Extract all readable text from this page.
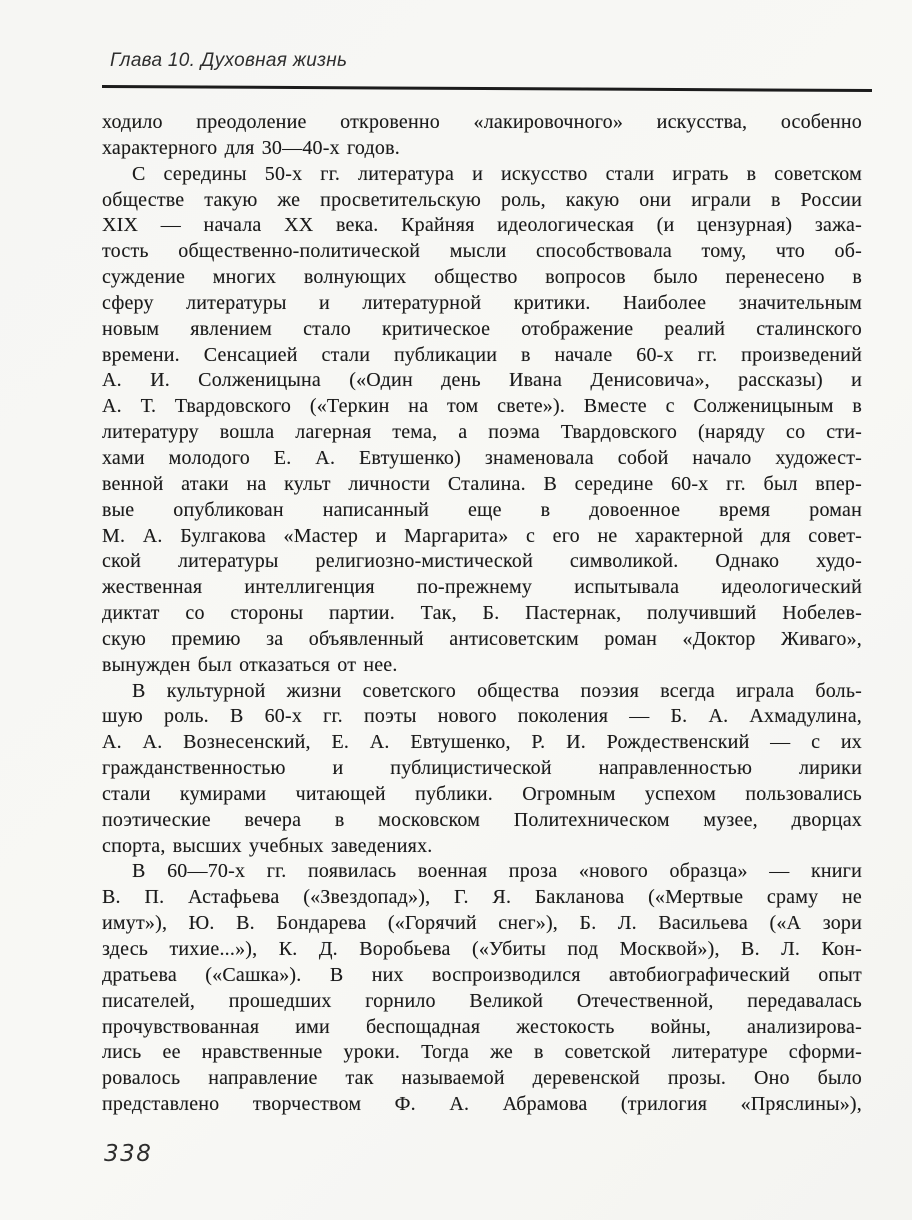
Глава 10. Духовная жизнь
ходило преодоление откровенно «лакировочного» искусства, особенно
характерного для 30—40-х годов.
С середины 50-х гг. литература и искусство стали играть в советском
обществе такую же просветительскую роль, какую они играли в России
XIX — начала XX века. Крайняя идеологическая (и цензурная) зажа-
тость общественно-политической мысли способствовала тому, что об-
суждение многих волнующих общество вопросов было перенесено в
сферу литературы и литературной критики. Наиболее значительным
новым явлением стало критическое отображение реалий сталинского
времени. Сенсацией стали публикации в начале 60-х гг. произведений
А. И. Солженицына («Один день Ивана Денисовича», рассказы) и
А. Т. Твардовского («Теркин на том свете»). Вместе с Солженицыным в
литературу вошла лагерная тема, а поэма Твардовского (наряду со сти-
хами молодого Е. А. Евтушенко) знаменовала собой начало художест-
венной атаки на культ личности Сталина. В середине 60-х гг. был впер-
вые опубликован написанный еще в довоенное время роман
М. А. Булгакова «Мастер и Маргарита» с его не характерной для совет-
ской литературы религиозно-мистической символикой. Однако худо-
жественная интеллигенция по-прежнему испытывала идеологический
диктат со стороны партии. Так, Б. Пастернак, получивший Нобелев-
скую премию за объявленный антисоветским роман «Доктор Живаго»,
вынужден был отказаться от нее.
В культурной жизни советского общества поэзия всегда играла боль-
шую роль. В 60-х гг. поэты нового поколения — Б. А. Ахмадулина,
А. А. Вознесенский, Е. А. Евтушенко, Р. И. Рождественский — с их
гражданственностью и публицистической направленностью лирики
стали кумирами читающей публики. Огромным успехом пользовались
поэтические вечера в московском Политехническом музее, дворцах
спорта, высших учебных заведениях.
В 60—70-х гг. появилась военная проза «нового образца» — книги
В. П. Астафьева («Звездопад»), Г. Я. Бакланова («Мертвые сраму не
имут»), Ю. В. Бондарева («Горячий снег»), Б. Л. Васильева («А зори
здесь тихие...»), К. Д. Воробьева («Убиты под Москвой»), В. Л. Кон-
дратьева («Сашка»). В них воспроизводился автобиографический опыт
писателей, прошедших горнило Великой Отечественной, передавалась
прочувствованная ими беспощадная жестокость войны, анализирова-
лись ее нравственные уроки. Тогда же в советской литературе сформи-
ровалось направление так называемой деревенской прозы. Оно было
представлено творчеством Ф. А. Абрамова (трилогия «Пряслины»),
338
